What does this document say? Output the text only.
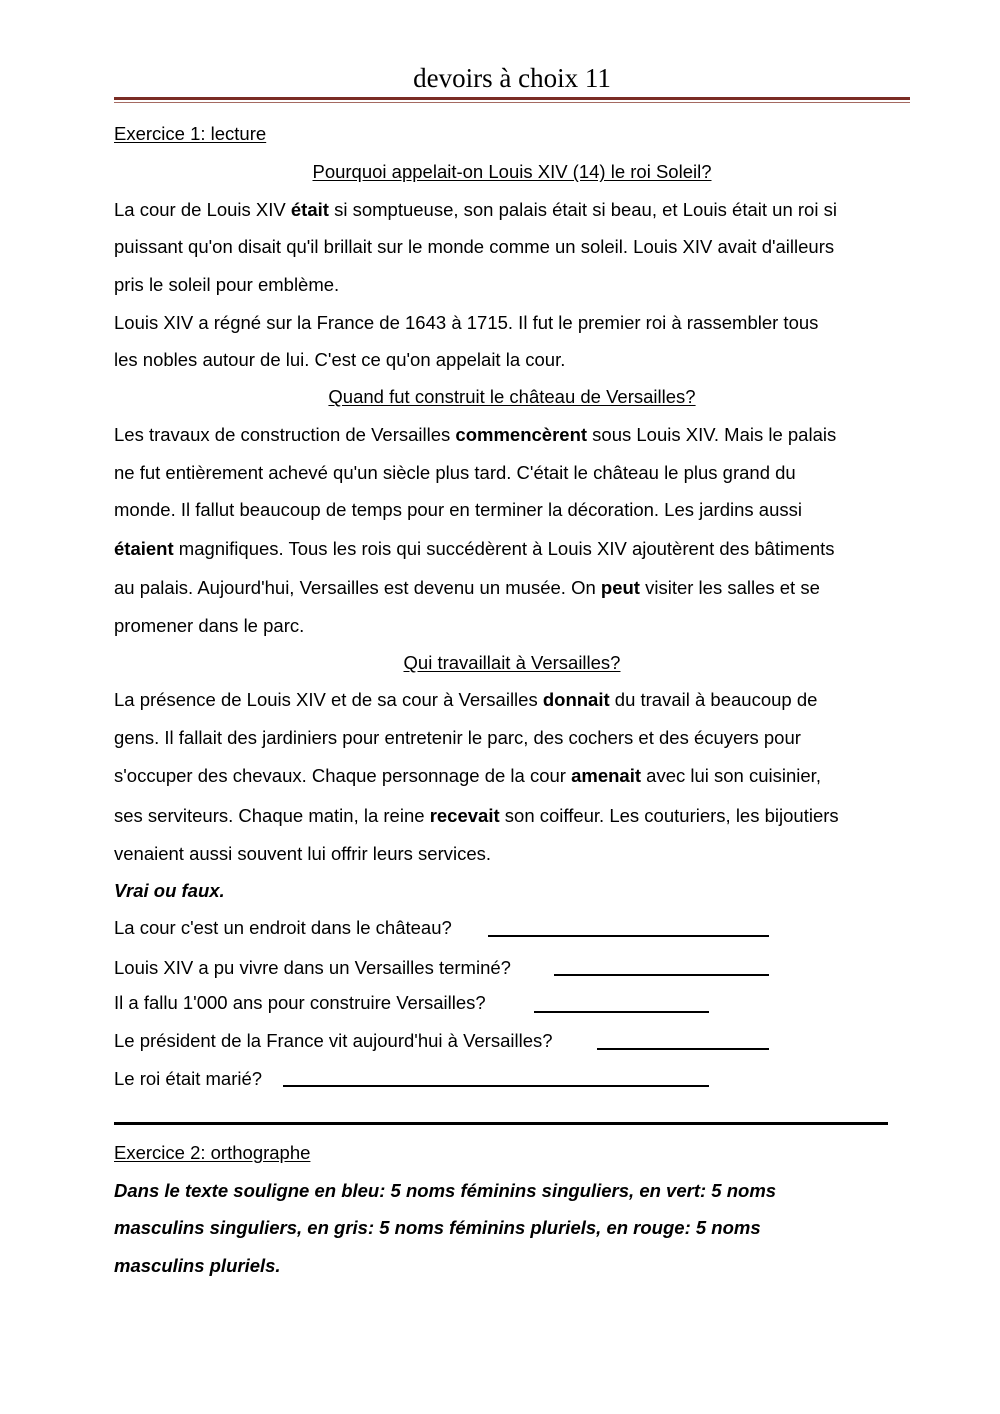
devoirs à choix 11
Exercice 1: lecture
Pourquoi appelait-on Louis XIV (14) le roi Soleil?
La cour de Louis XIV était si somptueuse, son palais était si beau, et Louis était un roi si
puissant qu'on disait qu'il brillait sur le monde comme un soleil. Louis XIV avait d'ailleurs
pris le soleil pour emblème.
Louis XIV a régné sur la France de 1643 à 1715. Il fut le premier roi à rassembler tous
les nobles autour de lui. C'est ce qu'on appelait la cour.
Quand fut construit le château de Versailles?
Les travaux de construction de Versailles commencèrent sous Louis XIV. Mais le palais
ne fut entièrement achevé qu'un siècle plus tard. C'était le château le plus grand du
monde. Il fallut beaucoup de temps pour en terminer la décoration. Les jardins aussi
étaient magnifiques. Tous les rois qui succédèrent à Louis XIV ajoutèrent des bâtiments
au palais. Aujourd'hui, Versailles est devenu un musée. On peut visiter les salles et se
promener dans le parc.
Qui travaillait à Versailles?
La présence de Louis XIV et de sa cour à Versailles donnait du travail à beaucoup de
gens. Il fallait des jardiniers pour entretenir le parc, des cochers et des écuyers pour
s'occuper des chevaux. Chaque personnage de la cour amenait avec lui son cuisinier,
ses serviteurs. Chaque matin, la reine recevait son coiffeur. Les couturiers, les bijoutiers
venaient aussi souvent lui offrir leurs services.
Vrai ou faux.
La cour c'est un endroit dans le château?
Louis XIV a pu vivre dans un Versailles terminé?
Il a fallu 1'000 ans pour construire Versailles?
Le président de la France vit aujourd'hui à Versailles?
Le roi était marié?
Exercice 2: orthographe
Dans le texte souligne en bleu: 5 noms féminins singuliers, en vert: 5 noms
masculins singuliers, en gris: 5 noms féminins pluriels, en rouge: 5 noms
masculins pluriels.
